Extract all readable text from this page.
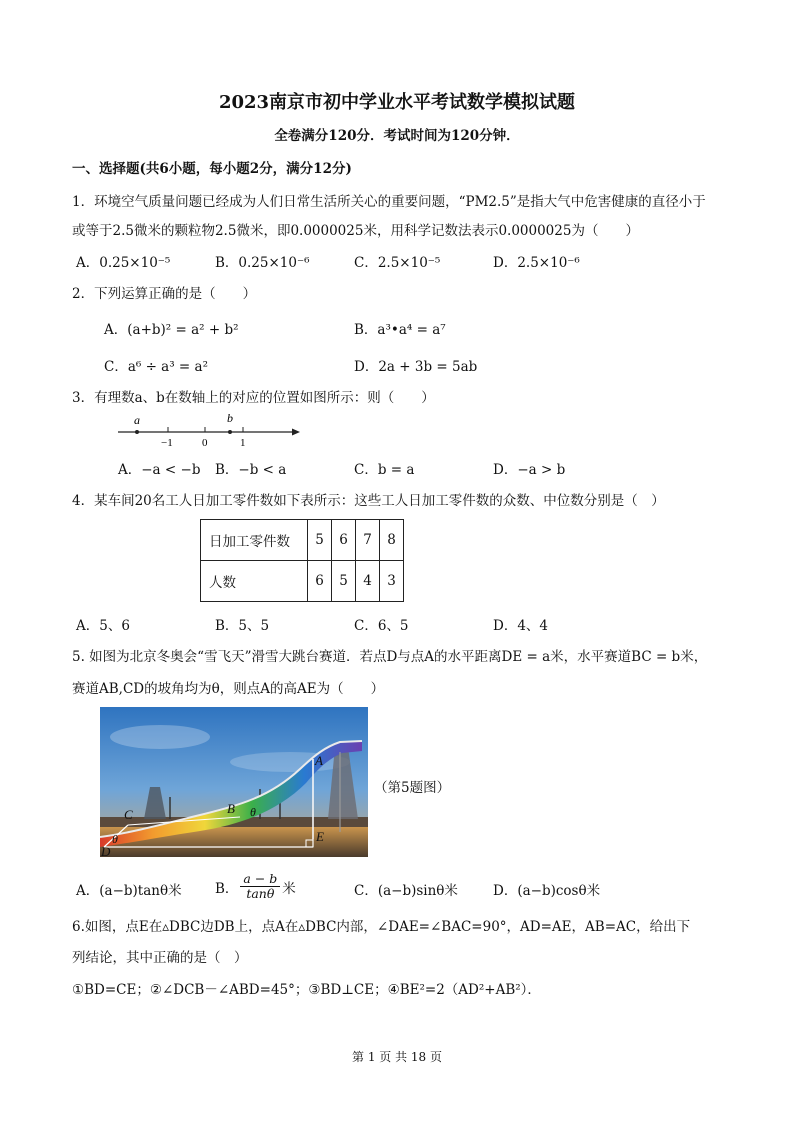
2023南京市初中学业水平考试数学模拟试题
全卷满分120分．考试时间为120分钟．
一、选择题(共6小题，每小题2分，满分12分)
1．环境空气质量问题已经成为人们日常生活所关心的重要问题，“PM2.5”是指大气中危害健康的直径小于
或等于2.5微米的颗粒物2.5微米，即0.0000025米，用科学记数法表示0.0000025为（　　）
A．0.25×10⁻⁵	B．0.25×10⁻⁶	C．2.5×10⁻⁵	D．2.5×10⁻⁶
2．下列运算正确的是（　　）
A．(a+b)² = a² + b²	B．a³•a⁴ = a⁷
C．a⁶ ÷ a³ = a²	D．2a + 3b = 5ab
3．有理数a、b在数轴上的对应的位置如图所示：则（　　）
a	b
−1	0	1
A．−a < −b B．−b < a	C．b = a	D．−a > b
4．某车间20名工人日加工零件数如下表所示：这些工人日加工零件数的众数、中位数分别是（　）
日加工零件数	5	6	7	8
人数	6	5	4	3
A．5、6	B．5、5	C．6、5	D．4、4
5. 如图为北京冬奥会“雪飞天”滑雪大跳台赛道．若点D与点A的水平距离DE = a米，水平赛道BC = b米，
赛道AB,CD的坡角均为θ，则点A的高AE为（　　）
A
B θ
C
θ
D
E
（第5题图）
A．(a−b)tanθ米 B． $\frac{a - b}{\tan\theta}$ 米	C．(a−b)sinθ米	D．(a−b)cosθ米
6.如图，点E在▵DBC边DB上，点A在▵DBC内部，∠DAE=∠BAC=90°，AD=AE，AB=AC，给出下
列结论，其中正确的是（　）
①BD=CE；②∠DCB－∠ABD=45°；③BD⊥CE；④BE²=2（AD²+AB²）．
第 1 页 共 18 页
